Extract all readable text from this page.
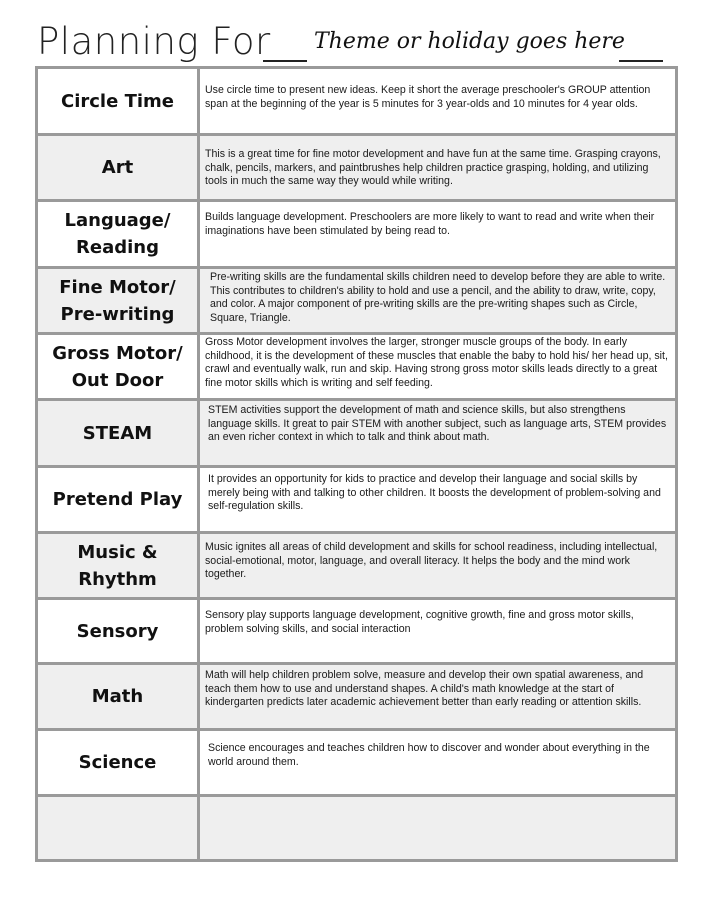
Planning For Theme or holiday goes here
Circle Time
Use circle time to present new ideas. Keep it short the average preschooler's GROUP attention span at the beginning of the year is 5 minutes for 3 year-olds and 10 minutes for 4 year olds.
Art
This is a great time for fine motor development and have fun at the same time. Grasping crayons, chalk, pencils, markers, and paintbrushes help children practice grasping, holding, and utilizing tools in much the same way they would while writing.
Language/ Reading
Builds language development. Preschoolers are more likely to want to read and write when their imaginations have been stimulated by being read to.
Fine Motor/ Pre-writing
Pre-writing skills are the fundamental skills children need to develop before they are able to write. This contributes to children's ability to hold and use a pencil, and the ability to draw, write, copy, and color. A major component of pre-writing skills are the pre-writing shapes such as Circle, Square, Triangle.
Gross Motor/ Out Door
Gross Motor development involves the larger, stronger muscle groups of the body. In early childhood, it is the development of these muscles that enable the baby to hold his/ her head up, sit, crawl and eventually walk, run and skip. Having strong gross motor skills leads directly to a great fine motor skills which is writing and self feeding.
STEAM
STEM activities support the development of math and science skills, but also strengthens language skills. It great to pair STEM with another subject, such as language arts, STEM provides an even richer context in which to talk and think about math.
Pretend Play
It provides an opportunity for kids to practice and develop their language and social skills by merely being with and talking to other children. It boosts the development of problem-solving and self-regulation skills.
Music & Rhythm
Music ignites all areas of child development and skills for school readiness, including intellectual, social-emotional, motor, language, and overall literacy. It helps the body and the mind work together.
Sensory
Sensory play supports language development, cognitive growth, fine and gross motor skills, problem solving skills, and social interaction
Math
Math will help children problem solve, measure and develop their own spatial awareness, and teach them how to use and understand shapes. A child's math knowledge at the start of kindergarten predicts later academic achievement better than early reading or attention skills.
Science
Science encourages and teaches children how to discover and wonder about everything in the world around them.
